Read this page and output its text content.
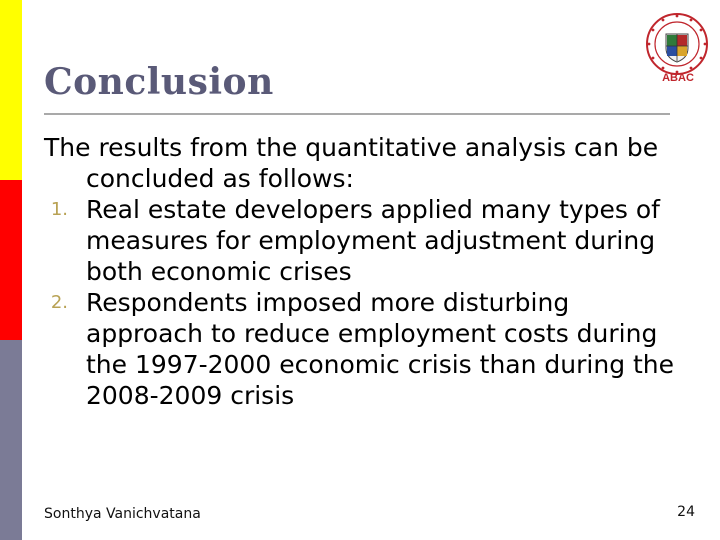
Conclusion	ABAC

The results from the quantitative analysis can be concluded as follows:

1. Real estate developers applied many types of measures for employment adjustment during both economic crises
2. Respondents imposed more disturbing approach to reduce employment costs during the 1997-2000 economic crisis than during the 2008-2009 crisis
Sonthya Vanichvatana	24
